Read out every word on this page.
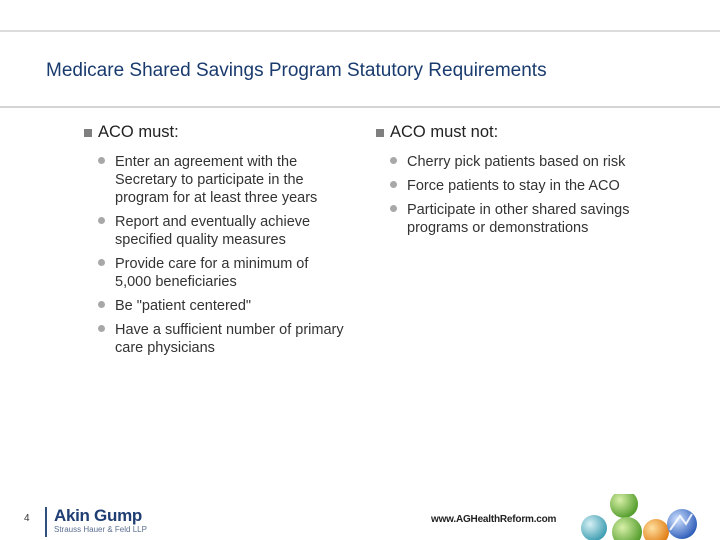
Medicare Shared Savings Program Statutory Requirements
ACO must:
Enter an agreement with the Secretary to participate in the program for at least three years
Report and eventually achieve specified quality measures
Provide care for a minimum of 5,000 beneficiaries
Be "patient centered"
Have a sufficient number of primary care physicians
ACO must not:
Cherry pick patients based on risk
Force patients to stay in the ACO
Participate in other shared savings programs or demonstrations
4 Akin Gump
Strauss Hauer & Feld LLP
www.AGHealthReform.com
